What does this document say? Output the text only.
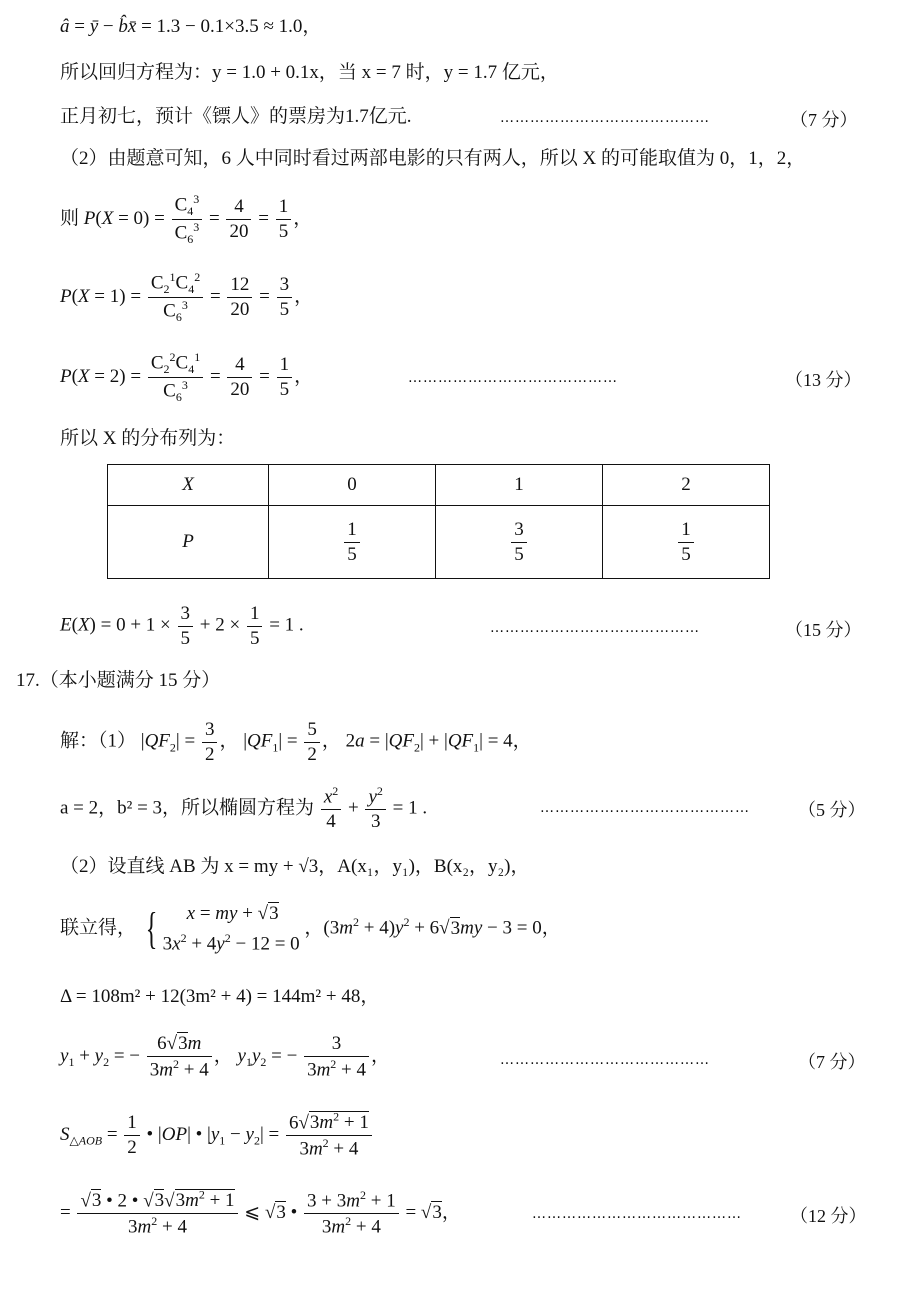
â = ȳ − b̂x̄ = 1.3 − 0.1×3.5 ≈ 1.0，
所以回归方程为：y = 1.0 + 0.1x，当 x = 7 时，y = 1.7 亿元，
正月初七，预计《镖人》的票房为1.7亿元.	……………………………………	（7 分）
（2）由题意可知，6 人中同时看过两部电影的只有两人，所以 X 的可能取值为 0，1，2，
则 $P(X = 0) = \frac{C_4^3}{C_6^3} = \frac{4}{20} = \frac{1}{5}$ ，
$P(X = 1) = \frac{C_2^1C_4^2}{C_6^3} = \frac{12}{20} = \frac{3}{5}$ ，
$P(X = 2) = \frac{C_2^2C_4^1}{C_6^3} = \frac{4}{20} = \frac{1}{5}$ ，	……………………………………	（13 分）
所以 X 的分布列为：
X	0	1	2
P	$\frac{1}{5}$	$\frac{3}{5}$	$\frac{1}{5}$
$E(X) = 0 + 1 \times \frac{3}{5} + 2 \times \frac{1}{5} = 1$ .	……………………………………	（15 分）
17.（本小题满分 15 分）
解：（1） $|QF_2| = \frac{3}{2}$ ， $|QF_1| = \frac{5}{2}$ ， $2a = |QF_2| + |QF_1| = 4$，
a = 2，b² = 3，所以椭圆方程为 $\frac{x^2}{4} + \frac{y^2}{3} = 1$ .	……………………………………	（5 分）
（2）设直线 AB 为 x = my + √3，A(x₁，y₁)，B(x₂，y₂)，
联立得， {	x = my + √3
$3x^2 + 4y^2 - 12 = 0$
，$(3m^2 + 4)y^2 + 6√3my - 3 = 0$，
Δ = 108m² + 12(3m² + 4) = 144m² + 48，
$y_1 + y_2$ = − $\frac{6√3m}{3m^2 + 4}$ ， $y_1y_2$ = − $\frac{3}{3m^2 + 4}$ ，	……………………………………	（7 分）
$S_{\triangle AOB} = \frac{1}{2}$ • |OP| • $|y_1 - y_2| = \frac{6√3m^2 + 1}{3m^2 + 4}$
= $\frac{√3 • 2 • √3√3m^2 + 1}{3m^2 + 4}$ ⩽ √3 • $\frac{3 + 3m^2 + 1}{3m^2 + 4} = √3$，	……………………………………	（12 分）
